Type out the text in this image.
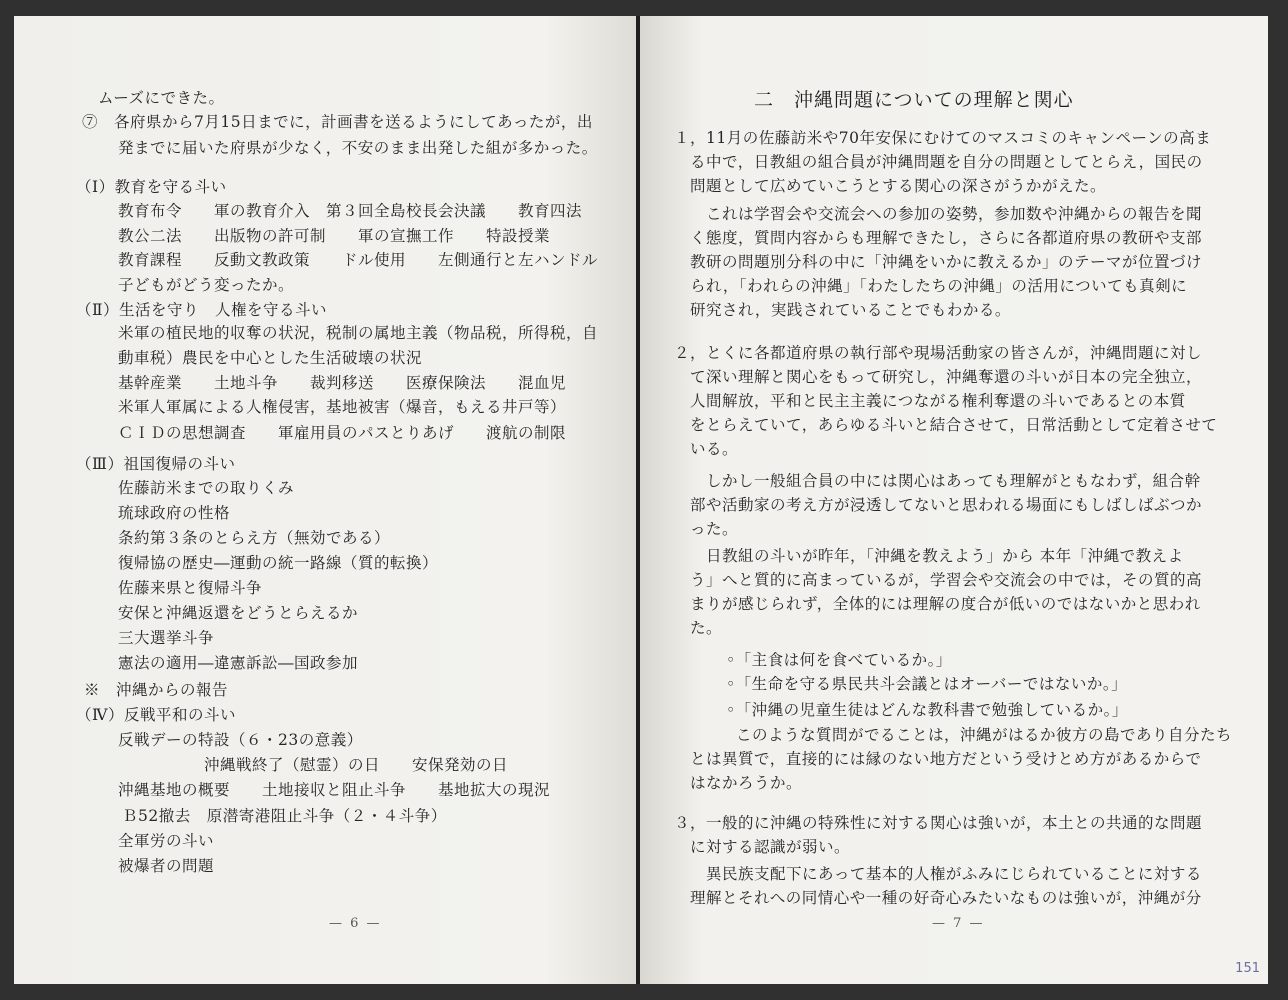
ムーズにできた。
⑦　各府県から7月15日までに，計画書を送るようにしてあったが，出
発までに届いた府県が少なく，不安のまま出発した組が多かった。
（Ⅰ）教育を守る斗い
教育布令　　軍の教育介入　第３回全島校長会決議　　教育四法
教公二法　　出版物の許可制　　軍の宣撫工作　　特設授業
教育課程　　反動文教政策　　ドル使用　　左側通行と左ハンドル
子どもがどう変ったか。
（Ⅱ）生活を守り　人権を守る斗い
米軍の植民地的収奪の状況，税制の属地主義（物品税，所得税，自
動車税）農民を中心とした生活破壊の状況
基幹産業　　土地斗争　　裁判移送　　医療保険法　　混血児
米軍人軍属による人権侵害，基地被害（爆音，もえる井戸等）
ＣＩＤの思想調査　　軍雇用員のパスとりあげ　　渡航の制限
（Ⅲ）祖国復帰の斗い
佐藤訪米までの取りくみ
琉球政府の性格
条約第３条のとらえ方（無効である）
復帰協の歴史―運動の統一路線（質的転換）
佐藤来県と復帰斗争
安保と沖縄返還をどうとらえるか
三大選挙斗争
憲法の適用―違憲訴訟―国政参加
※　沖縄からの報告
（Ⅳ）反戦平和の斗い
反戦デーの特設（６・23の意義）
沖縄戦終了（慰霊）の日　　安保発効の日
沖縄基地の概要　　土地接収と阻止斗争　　基地拡大の現況
Ｂ52撤去　原潜寄港阻止斗争（２・４斗争）
全軍労の斗い
被爆者の問題
— 6 —
二　沖縄問題についての理解と関心
１，11月の佐藤訪米や70年安保にむけてのマスコミのキャンペーンの高ま
る中で，日教組の組合員が沖縄問題を自分の問題としてとらえ，国民の
問題として広めていこうとする関心の深さがうかがえた。
これは学習会や交流会への参加の姿勢，参加数や沖縄からの報告を聞
く態度，質問内容からも理解できたし，さらに各都道府県の教研や支部
教研の問題別分科の中に「沖縄をいかに教えるか」のテーマが位置づけ
られ，「われらの沖縄」「わたしたちの沖縄」の活用についても真剣に
研究され，実践されていることでもわかる。
２，とくに各都道府県の執行部や現場活動家の皆さんが，沖縄問題に対し
て深い理解と関心をもって研究し，沖縄奪還の斗いが日本の完全独立，
人間解放，平和と民主主義につながる権利奪還の斗いであるとの本質
をとらえていて，あらゆる斗いと結合させて，日常活動として定着させて
いる。
しかし一般組合員の中には関心はあっても理解がともなわず，組合幹
部や活動家の考え方が浸透してないと思われる場面にもしばしばぶつか
った。
日教組の斗いが昨年，「沖縄を教えよう」から 本年「沖縄で教えよ
う」へと質的に高まっているが，学習会や交流会の中では，その質的高
まりが感じられず，全体的には理解の度合が低いのではないかと思われ
た。
◦「主食は何を食べているか。」
◦「生命を守る県民共斗会議とはオーバーではないか。」
◦「沖縄の児童生徒はどんな教科書で勉強しているか。」
このような質問がでることは，沖縄がはるか彼方の島であり自分たち
とは異質で，直接的には縁のない地方だという受けとめ方があるからで
はなかろうか。
３，一般的に沖縄の特殊性に対する関心は強いが，本土との共通的な問題
に対する認識が弱い。
異民族支配下にあって基本的人権がふみにじられていることに対する
理解とそれへの同情心や一種の好奇心みたいなものは強いが，沖縄が分
— 7 —
151
